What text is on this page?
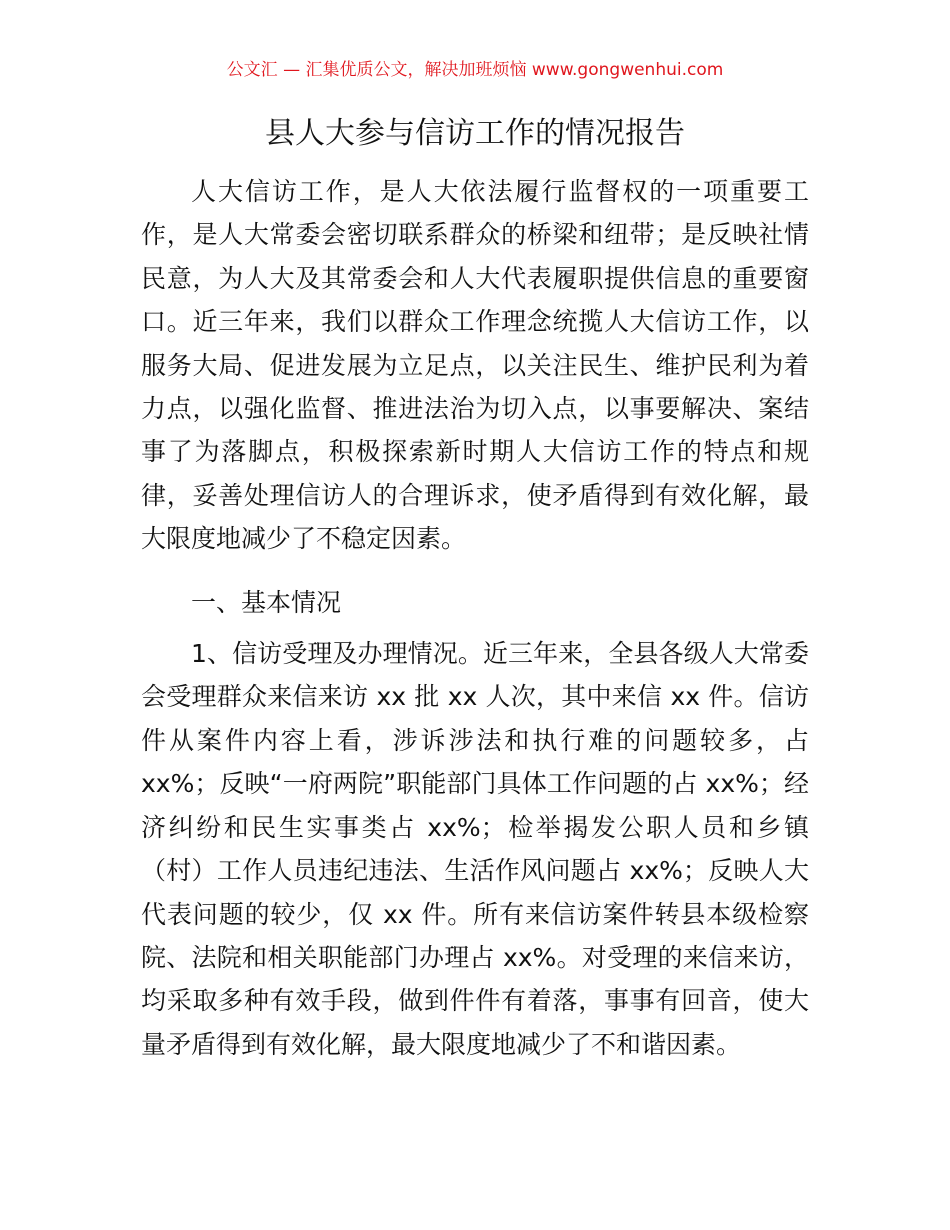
公文汇 — 汇集优质公文，解决加班烦恼 www.gongwenhui.com
县人大参与信访工作的情况报告

人大信访工作，是人大依法履行监督权的一项重要工作，是人大常委会密切联系群众的桥梁和纽带；是反映社情民意，为人大及其常委会和人大代表履职提供信息的重要窗口。近三年来，我们以群众工作理念统揽人大信访工作，以服务大局、促进发展为立足点，以关注民生、维护民利为着力点，以强化监督、推进法治为切入点，以事要解决、案结事了为落脚点，积极探索新时期人大信访工作的特点和规律，妥善处理信访人的合理诉求，使矛盾得到有效化解，最大限度地减少了不稳定因素。

一、基本情况

1、信访受理及办理情况。近三年来，全县各级人大常委会受理群众来信来访 xx 批 xx 人次，其中来信 xx 件。信访件从案件内容上看，涉诉涉法和执行难的问题较多，占 xx%；反映“一府两院”职能部门具体工作问题的占 xx%；经济纠纷和民生实事类占 xx%；检举揭发公职人员和乡镇（村）工作人员违纪违法、生活作风问题占 xx%；反映人大代表问题的较少，仅 xx 件。所有来信访案件转县本级检察院、法院和相关职能部门办理占 xx%。对受理的来信来访，均采取多种有效手段，做到件件有着落，事事有回音，使大量矛盾得到有效化解，最大限度地减少了不和谐因素。
